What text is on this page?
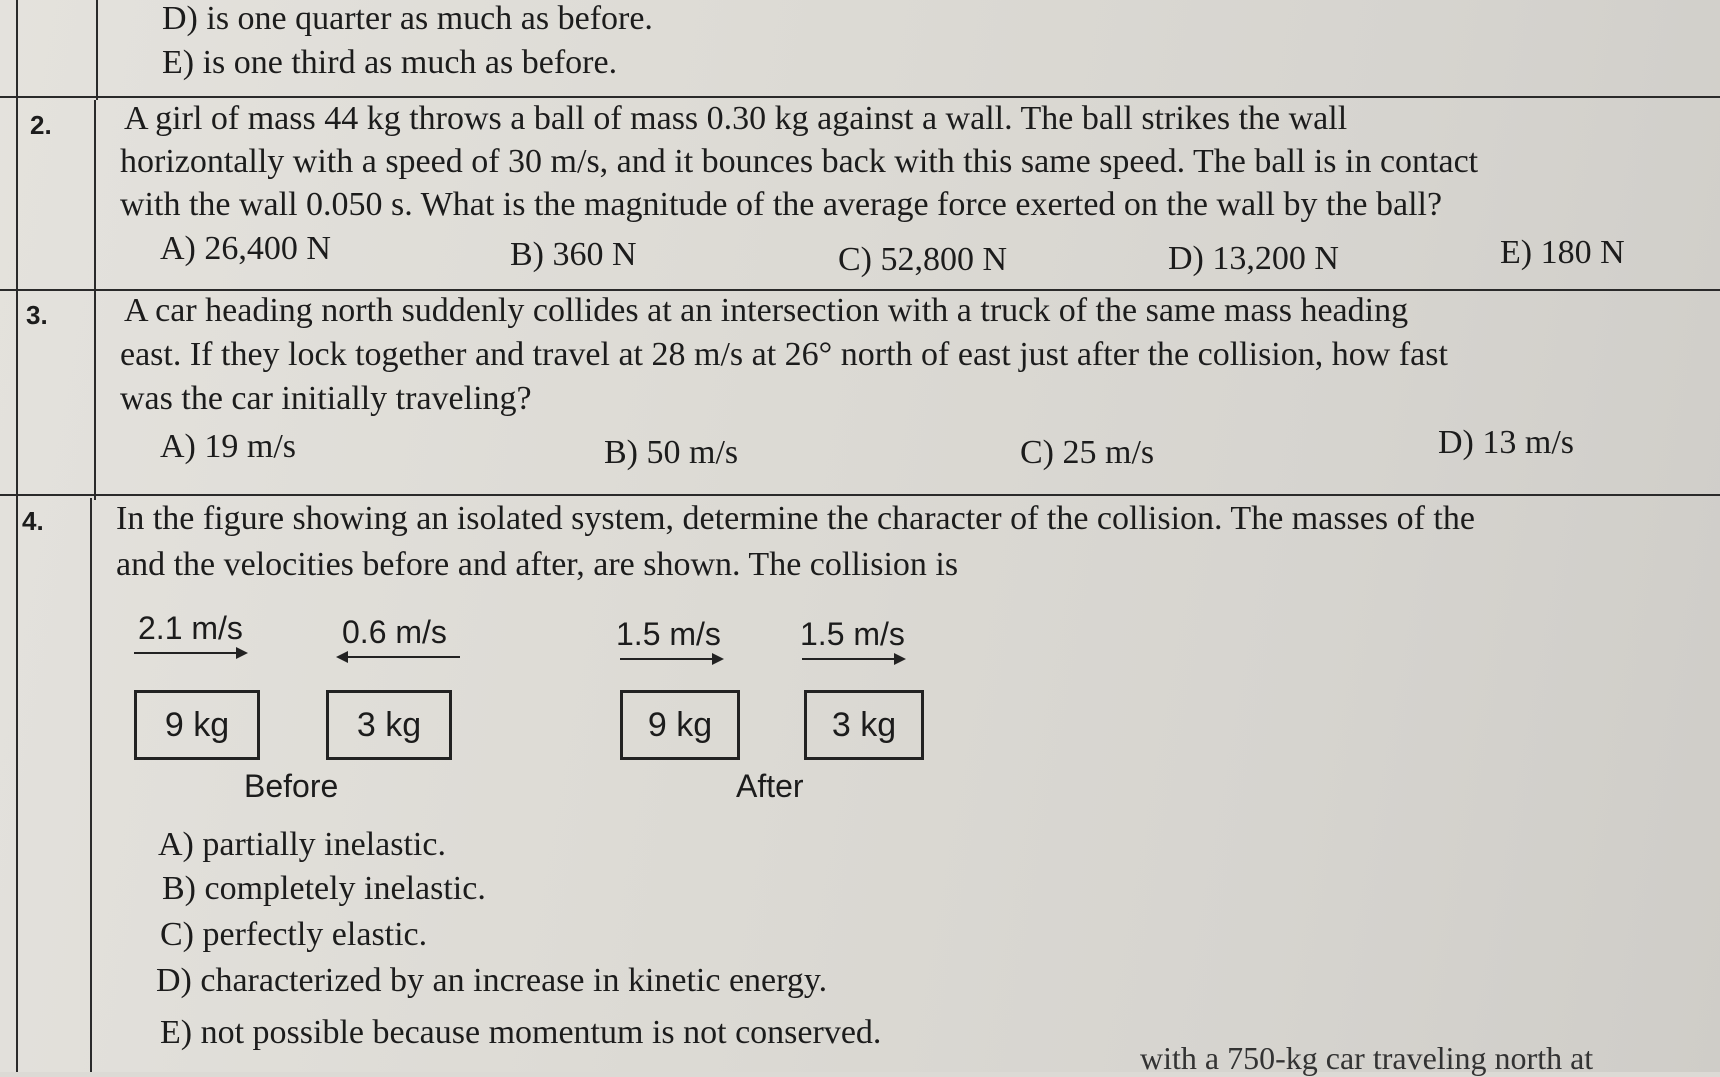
D) is one quarter as much as before.
E) is one third as much as before.
2. A girl of mass 44 kg throws a ball of mass 0.30 kg against a wall. The ball strikes the wall
horizontally with a speed of 30 m/s, and it bounces back with this same speed. The ball is in contact
with the wall 0.050 s. What is the magnitude of the average force exerted on the wall by the ball?
A) 26,400 N	B) 360 N	C) 52,800 N	D) 13,200 N	E) 180 N
3. A car heading north suddenly collides at an intersection with a truck of the same mass heading
east. If they lock together and travel at 28 m/s at 26° north of east just after the collision, how fast
was the car initially traveling?
A) 19 m/s	B) 50 m/s	C) 25 m/s	D) 13 m/s
4. In the figure showing an isolated system, determine the character of the collision. The masses of the
and the velocities before and after, are shown. The collision is
2.1 m/s	0.6 m/s	1.5 m/s 1.5 m/s
9 kg	3 kg	9 kg	3 kg
Before	After
A) partially inelastic.
B) completely inelastic.
C) perfectly elastic.
D) characterized by an increase in kinetic energy.
E) not possible because momentum is not conserved.
with a 750-kg car traveling north at
